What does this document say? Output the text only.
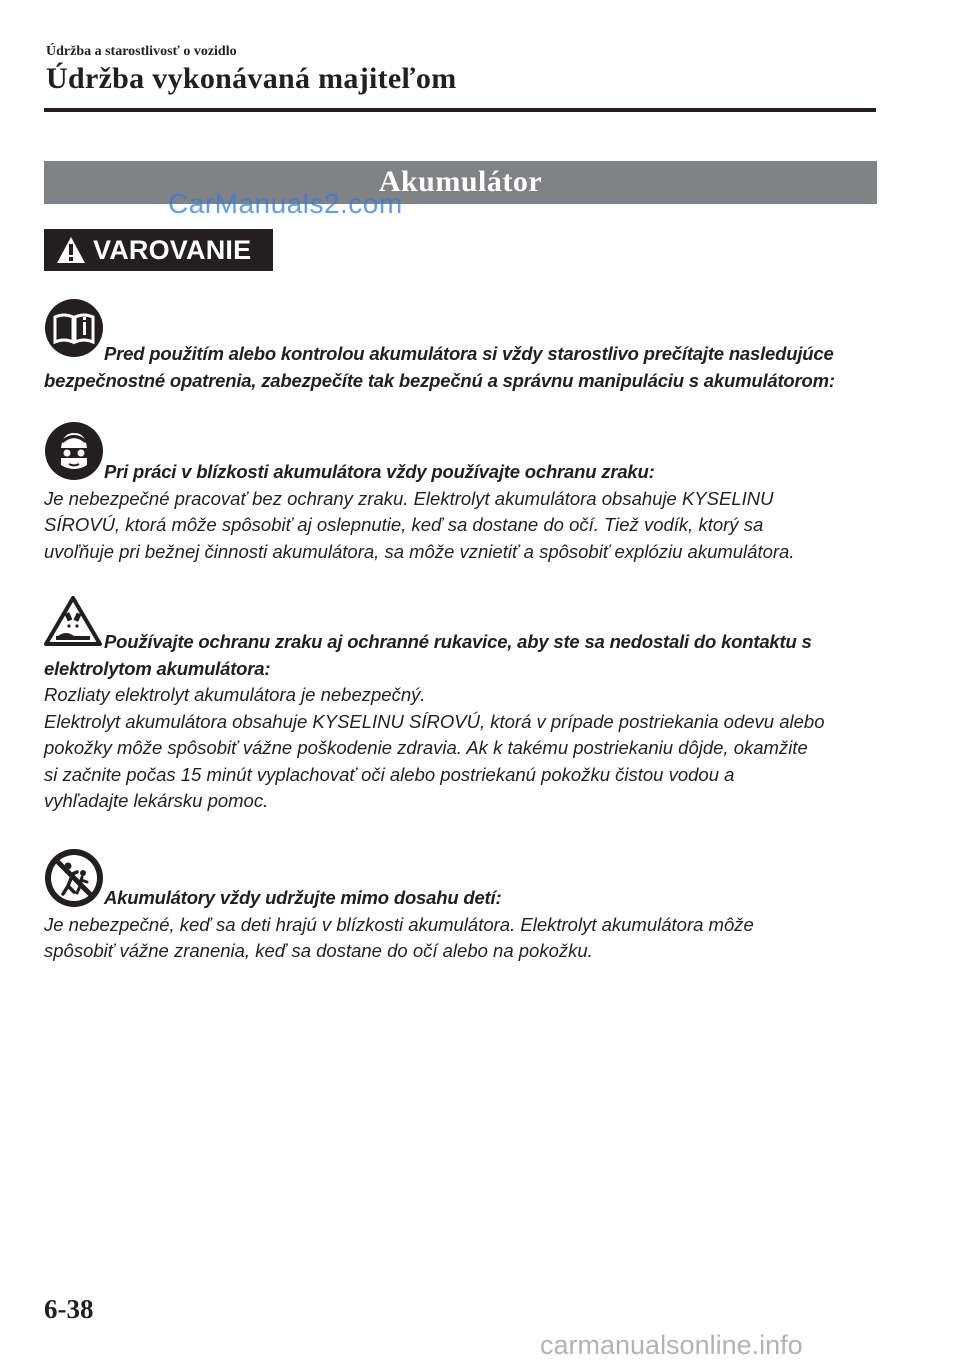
Údržba a starostlivosť o vozidlo
Údržba vykonávaná majiteľom
Akumulátor
CarManuals2.com
VAROVANIE
Pred použitím alebo kontrolou akumulátora si vždy starostlivo prečítajte nasledujúce
bezpečnostné opatrenia, zabezpečíte tak bezpečnú a správnu manipuláciu s akumulátorom:
Pri práci v blízkosti akumulátora vždy používajte ochranu zraku:

Je nebezpečné pracovať bez ochrany zraku. Elektrolyt akumulátora obsahuje KYSELINU

SÍROVÚ, ktorá môže spôsobiť aj oslepnutie, keď sa dostane do očí. Tiež vodík, ktorý sa

uvoľňuje pri bežnej činnosti akumulátora, sa môže vznietiť a spôsobiť explóziu akumulátora.

Používajte ochranu zraku aj ochranné rukavice, aby ste sa nedostali do kontaktu s
elektrolytom akumulátora:

Rozliaty elektrolyt akumulátora je nebezpečný.

Elektrolyt akumulátora obsahuje KYSELINU SÍROVÚ, ktorá v prípade postriekania odevu alebo

pokožky môže spôsobiť vážne poškodenie zdravia. Ak k takému postriekaniu dôjde, okamžite

si začnite počas 15 minút vyplachovať oči alebo postriekanú pokožku čistou vodou a

vyhľadajte lekársku pomoc.

Akumulátory vždy udržujte mimo dosahu detí:

Je nebezpečné, keď sa deti hrajú v blízkosti akumulátora. Elektrolyt akumulátora môže

spôsobiť vážne zranenia, keď sa dostane do očí alebo na pokožku.

6-38
carmanualsonline.info
